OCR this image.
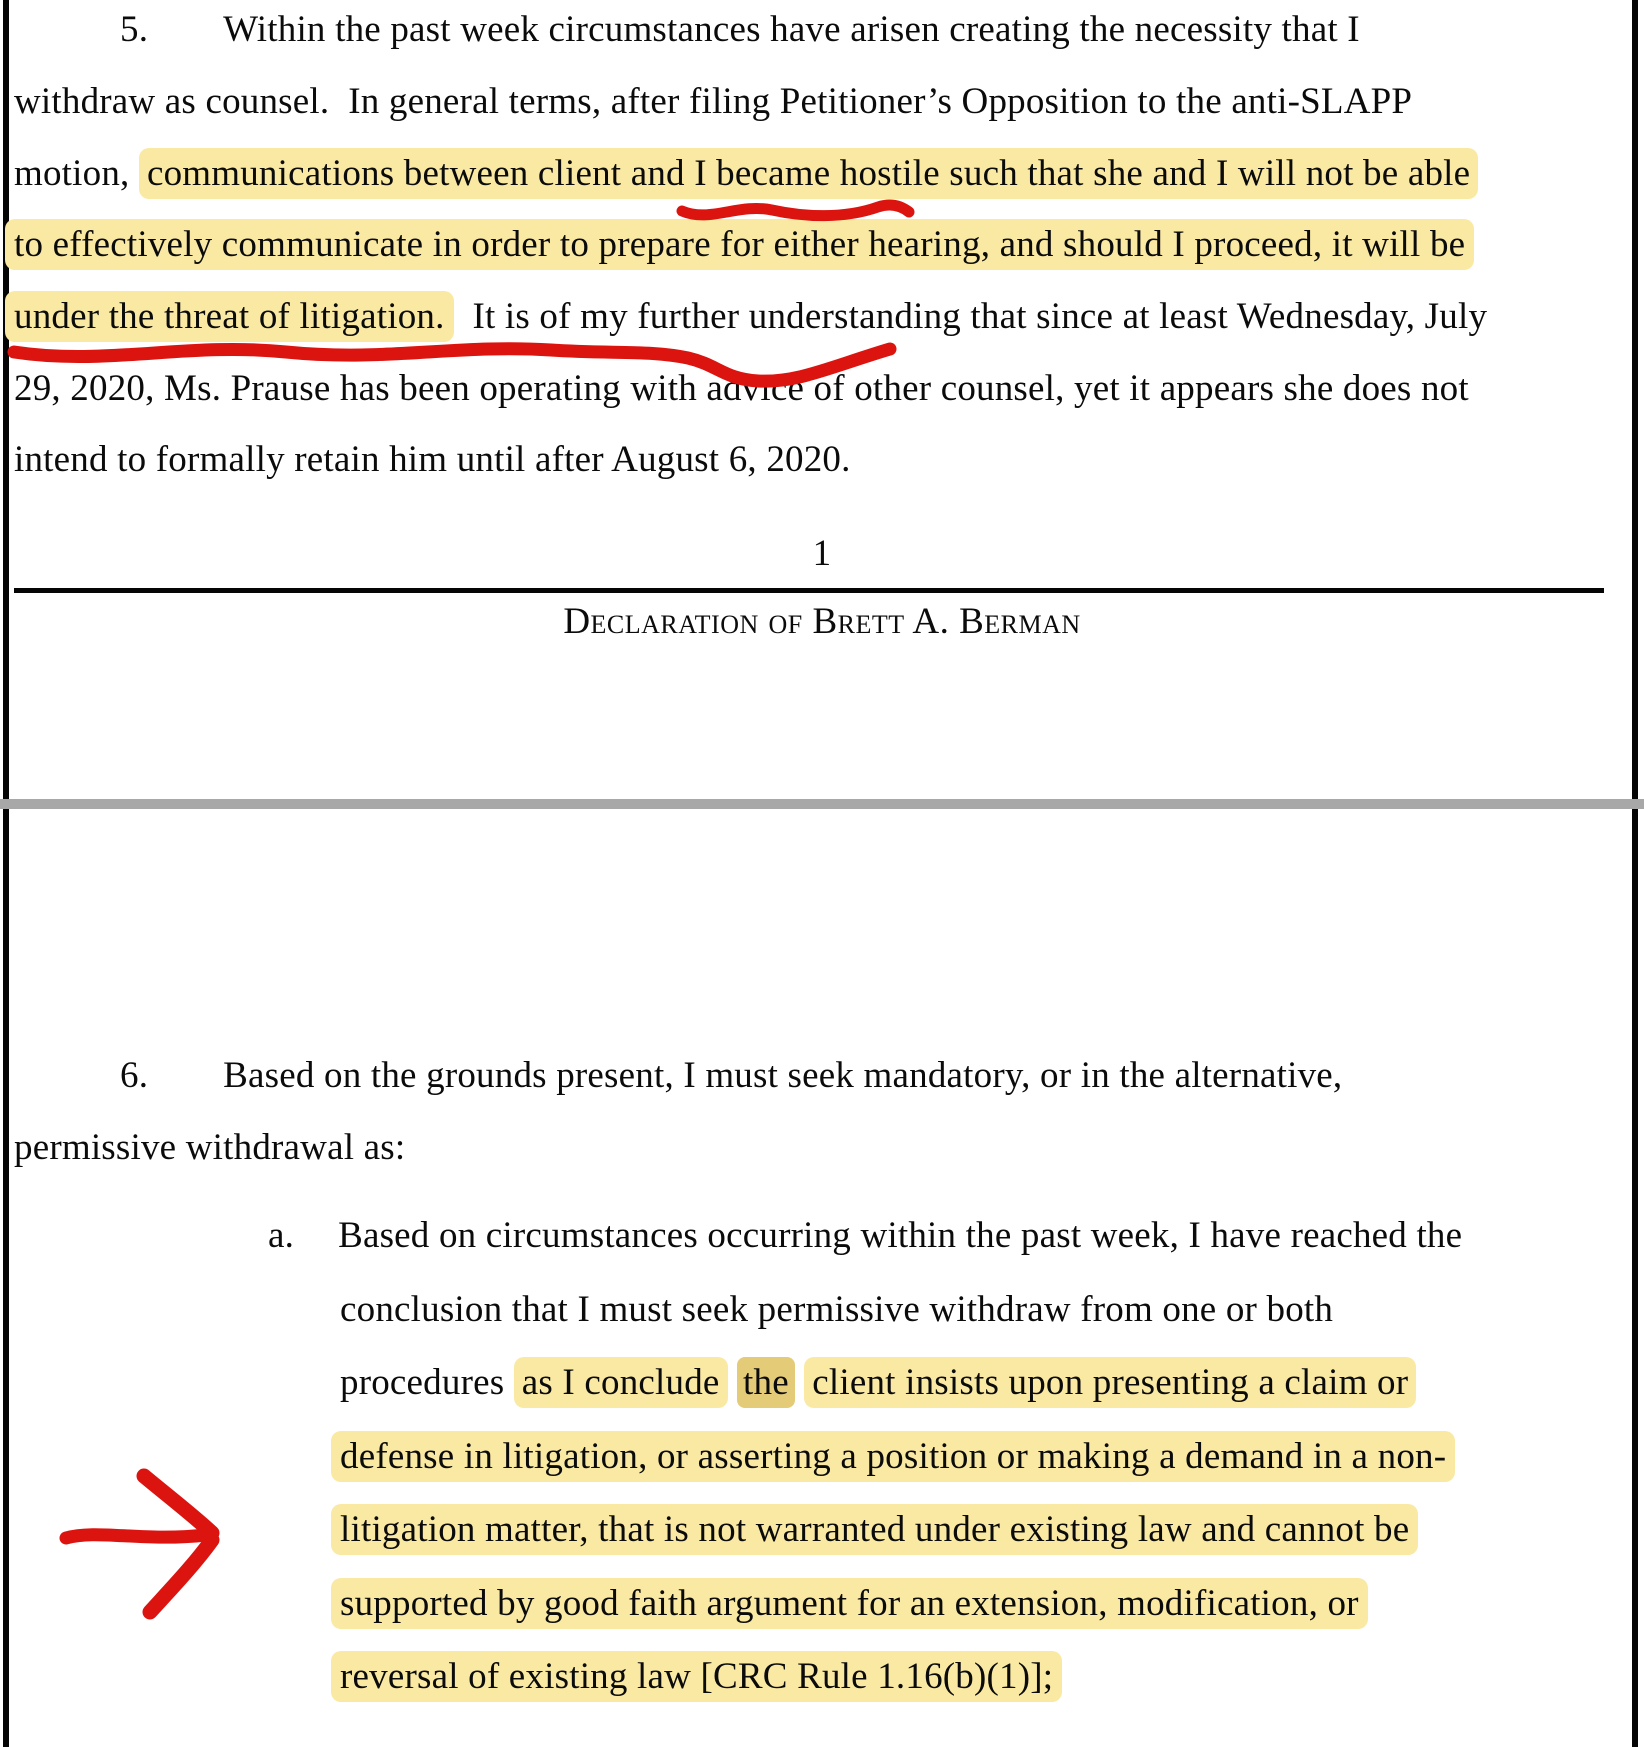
5. Within the past week circumstances have arisen creating the necessity that I
withdraw as counsel.  In general terms, after filing Petitioner’s Opposition to the anti-SLAPP
motion, communications between client and I became hostile such that she and I will not be able
to effectively communicate in order to prepare for either hearing, and should I proceed, it will be
under the threat of litigation.  It is of my further understanding that since at least Wednesday, July
29, 2020, Ms. Prause has been operating with advice of other counsel, yet it appears she does not
intend to formally retain him until after August 6, 2020.
1
Declaration of Brett A. Berman
6. Based on the grounds present, I must seek mandatory, or in the alternative,
permissive withdrawal as:
a. Based on circumstances occurring within the past week, I have reached the
conclusion that I must seek permissive withdraw from one or both
procedures as I conclude the client insists upon presenting a claim or
defense in litigation, or asserting a position or making a demand in a non-
litigation matter, that is not warranted under existing law and cannot be
supported by good faith argument for an extension, modification, or
reversal of existing law [CRC Rule 1.16(b)(1)];
